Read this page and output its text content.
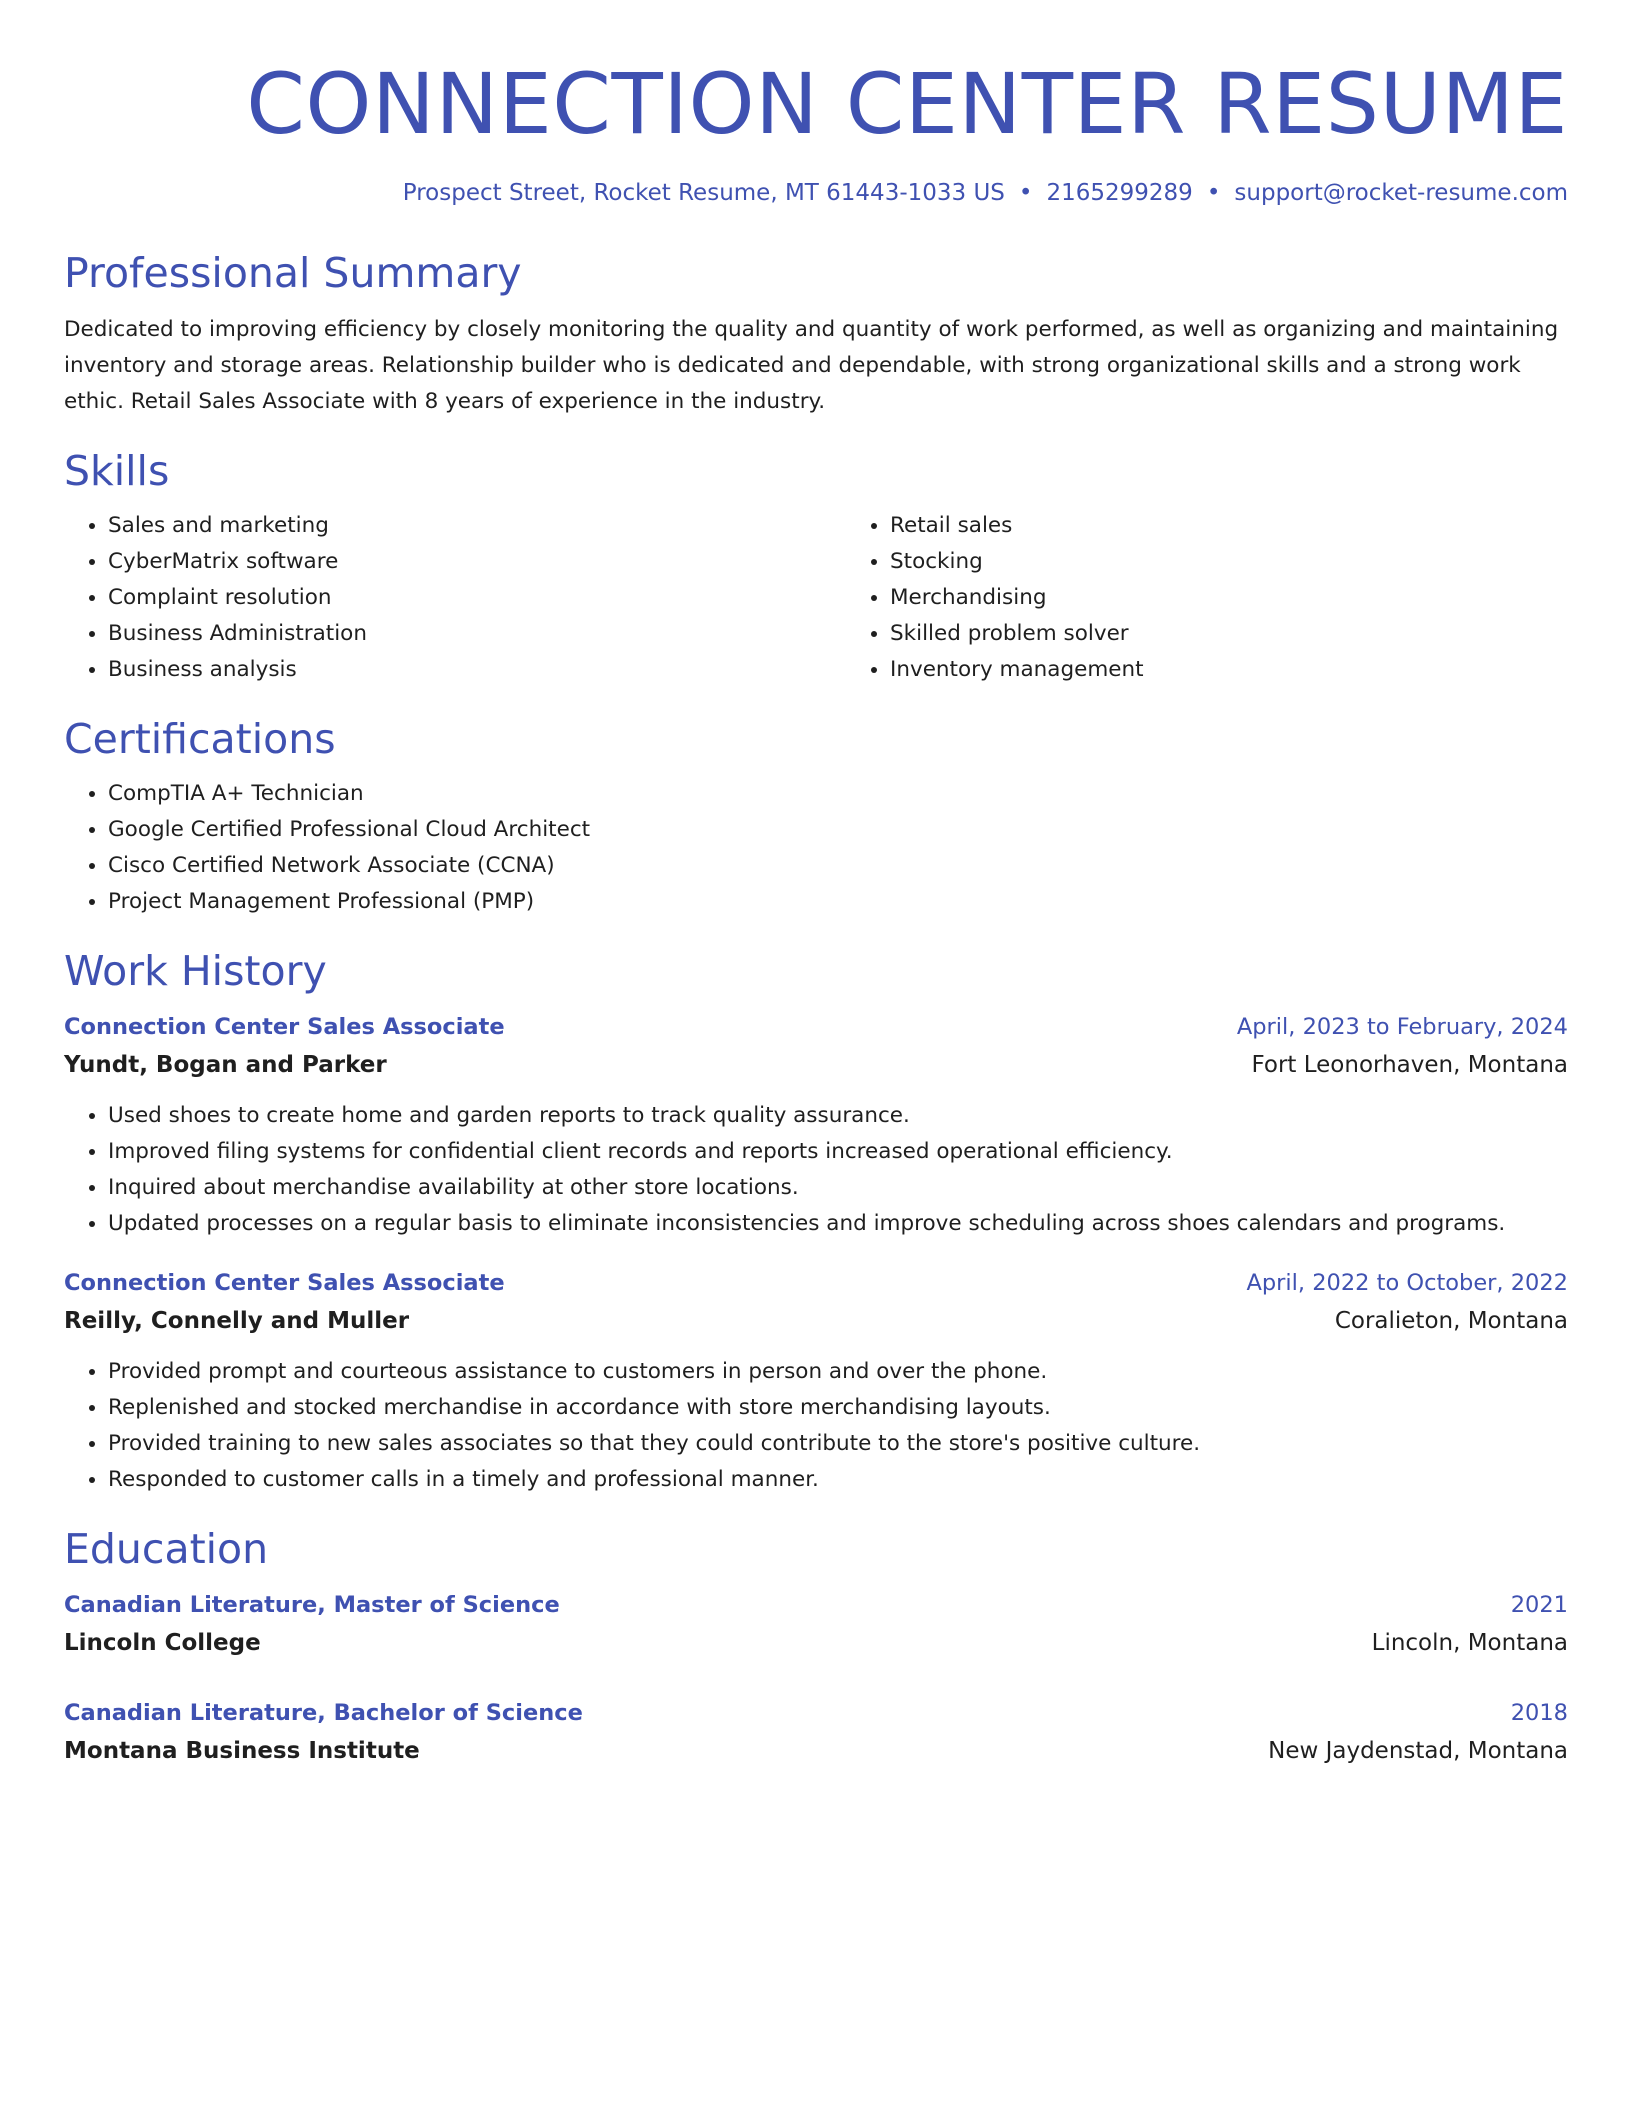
CONNECTION CENTER RESUME
Prospect Street, Rocket Resume, MT 61443-1033 US • 2165299289 • support@rocket-resume.com
Professional Summary
Dedicated to improving efficiency by closely monitoring the quality and quantity of work performed, as well as organizing and maintaining inventory and storage areas. Relationship builder who is dedicated and dependable, with strong organizational skills and a strong work ethic. Retail Sales Associate with 8 years of experience in the industry.
Skills
• Sales and marketing
• CyberMatrix software
• Complaint resolution
• Business Administration
• Business analysis
• Retail sales
• Stocking
• Merchandising
• Skilled problem solver
• Inventory management
Certifications
• CompTIA A+ Technician
• Google Certified Professional Cloud Architect
• Cisco Certified Network Associate (CCNA)
• Project Management Professional (PMP)
Work History
Connection Center Sales Associate	April, 2023 to February, 2024
Yundt, Bogan and Parker	Fort Leonorhaven, Montana
• Used shoes to create home and garden reports to track quality assurance.
• Improved filing systems for confidential client records and reports increased operational efficiency.
• Inquired about merchandise availability at other store locations.
• Updated processes on a regular basis to eliminate inconsistencies and improve scheduling across shoes calendars and programs.
Connection Center Sales Associate	April, 2022 to October, 2022
Reilly, Connelly and Muller	Coralieton, Montana
• Provided prompt and courteous assistance to customers in person and over the phone.
• Replenished and stocked merchandise in accordance with store merchandising layouts.
• Provided training to new sales associates so that they could contribute to the store's positive culture.
• Responded to customer calls in a timely and professional manner.
Education
Canadian Literature, Master of Science	2021
Lincoln College	Lincoln, Montana
Canadian Literature, Bachelor of Science	2018
Montana Business Institute	New Jaydenstad, Montana
